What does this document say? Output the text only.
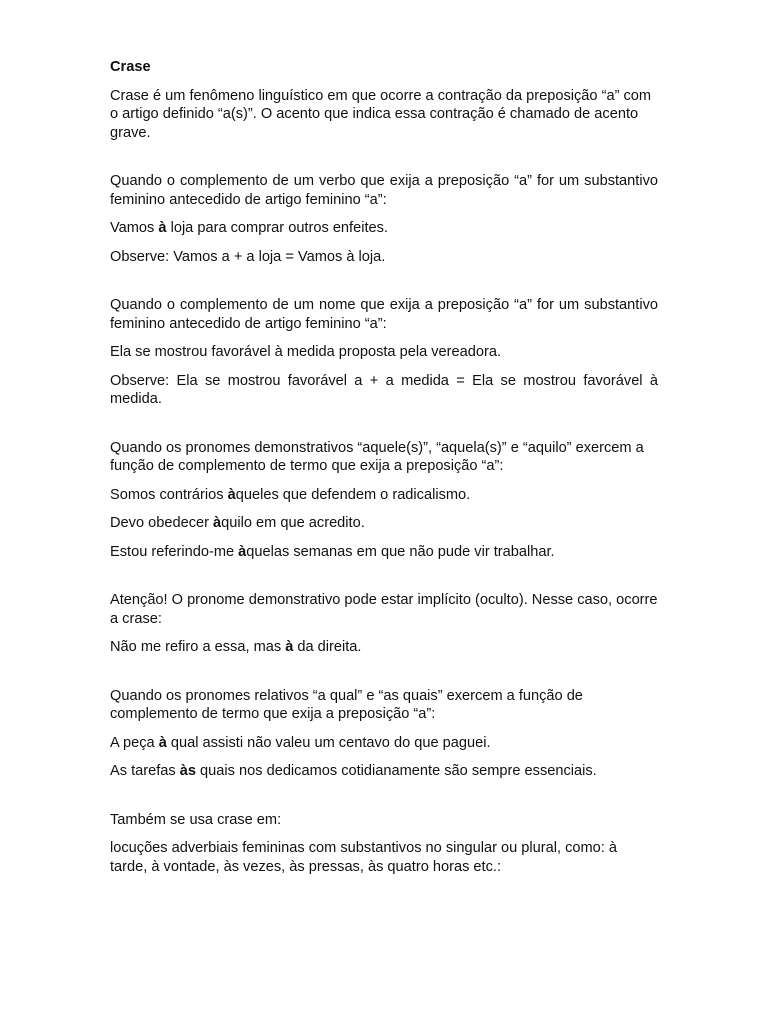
Crase

Crase é um fenômeno linguístico em que ocorre a contração da preposição “a” com o artigo definido “a(s)”. O acento que indica essa contração é chamado de acento grave.

Quando o complemento de um verbo que exija a preposição “a” for um substantivo feminino antecedido de artigo feminino “a”:

Vamos à loja para comprar outros enfeites.

Observe: Vamos a + a loja = Vamos à loja.

Quando o complemento de um nome que exija a preposição “a” for um substantivo feminino antecedido de artigo feminino “a”:

Ela se mostrou favorável à medida proposta pela vereadora.

Observe: Ela se mostrou favorável a + a medida = Ela se mostrou favorável à medida.

Quando os pronomes demonstrativos “aquele(s)”, “aquela(s)” e “aquilo” exercem a função de complemento de termo que exija a preposição “a”:

Somos contrários àqueles que defendem o radicalismo.

Devo obedecer àquilo em que acredito.

Estou referindo-me àquelas semanas em que não pude vir trabalhar.

Atenção! O pronome demonstrativo pode estar implícito (oculto). Nesse caso, ocorre a crase:

Não me refiro a essa, mas à da direita.

Quando os pronomes relativos “a qual” e “as quais” exercem a função de complemento de termo que exija a preposição “a”:

A peça à qual assisti não valeu um centavo do que paguei.

As tarefas às quais nos dedicamos cotidianamente são sempre essenciais.

Também se usa crase em:

locuções adverbiais femininas com substantivos no singular ou plural, como: à tarde, à vontade, às vezes, às pressas, às quatro horas etc.:
